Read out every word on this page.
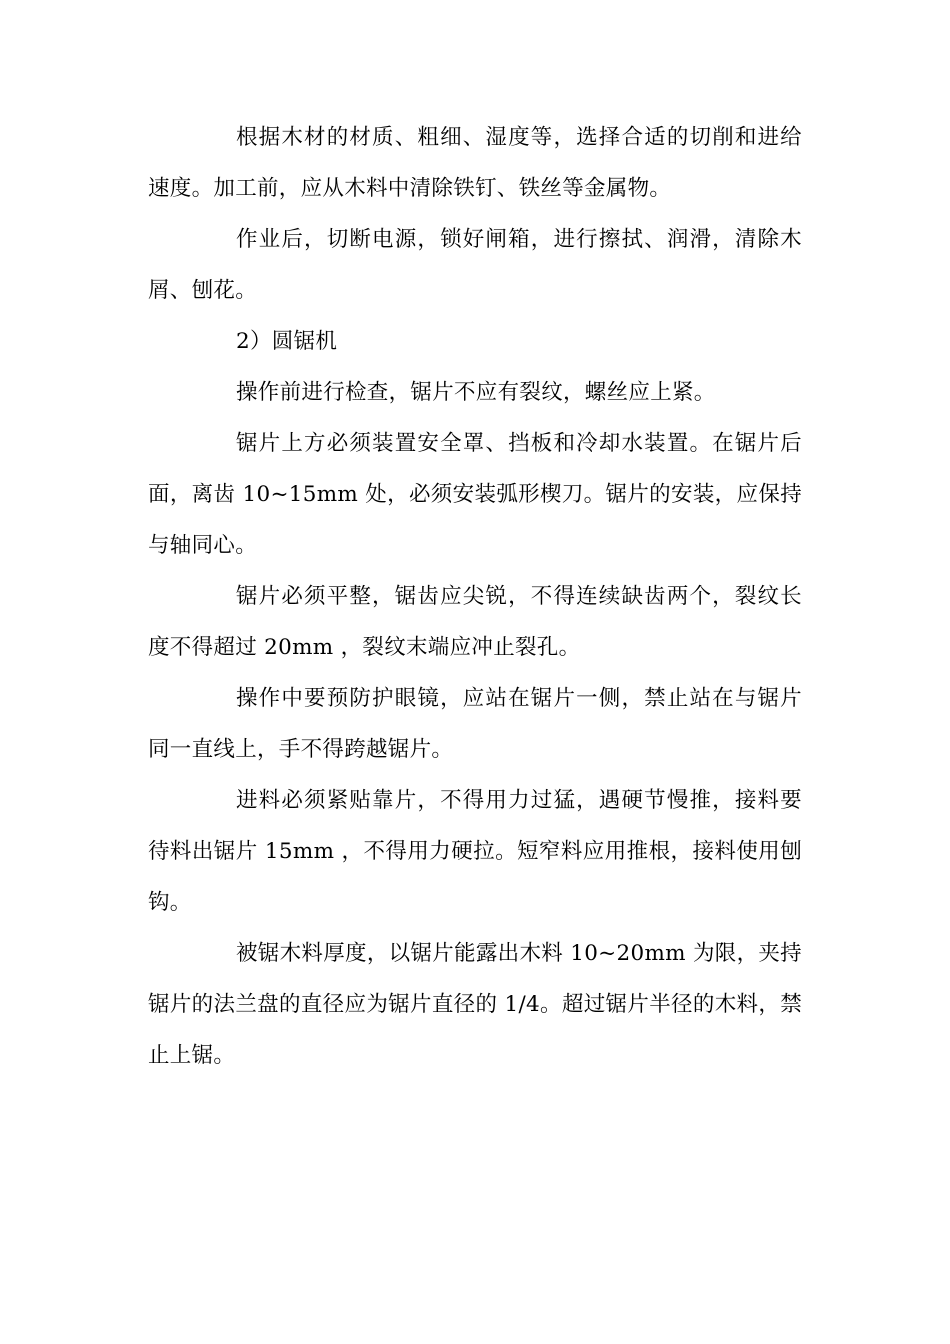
根据木材的材质、粗细、湿度等，选择合适的切削和进给速度。加工前，应从木料中清除铁钉、铁丝等金属物。

作业后，切断电源，锁好闸箱，进行擦拭、润滑，清除木屑、刨花。

2）圆锯机

操作前进行检查，锯片不应有裂纹，螺丝应上紧。

锯片上方必须装置安全罩、挡板和冷却水装置。在锯片后面，离齿 10~15mm 处，必须安装弧形楔刀。锯片的安装，应保持与轴同心。

锯片必须平整，锯齿应尖锐，不得连续缺齿两个，裂纹长度不得超过 20mm ，裂纹末端应冲止裂孔。

操作中要预防护眼镜，应站在锯片一侧，禁止站在与锯片同一直线上，手不得跨越锯片。

进料必须紧贴靠片，不得用力过猛，遇硬节慢推，接料要待料出锯片 15mm ，不得用力硬拉。短窄料应用推根，接料使用刨钩。

被锯木料厚度，以锯片能露出木料 10~20mm 为限，夹持锯片的法兰盘的直径应为锯片直径的 1/4。超过锯片半径的木料，禁止上锯。
